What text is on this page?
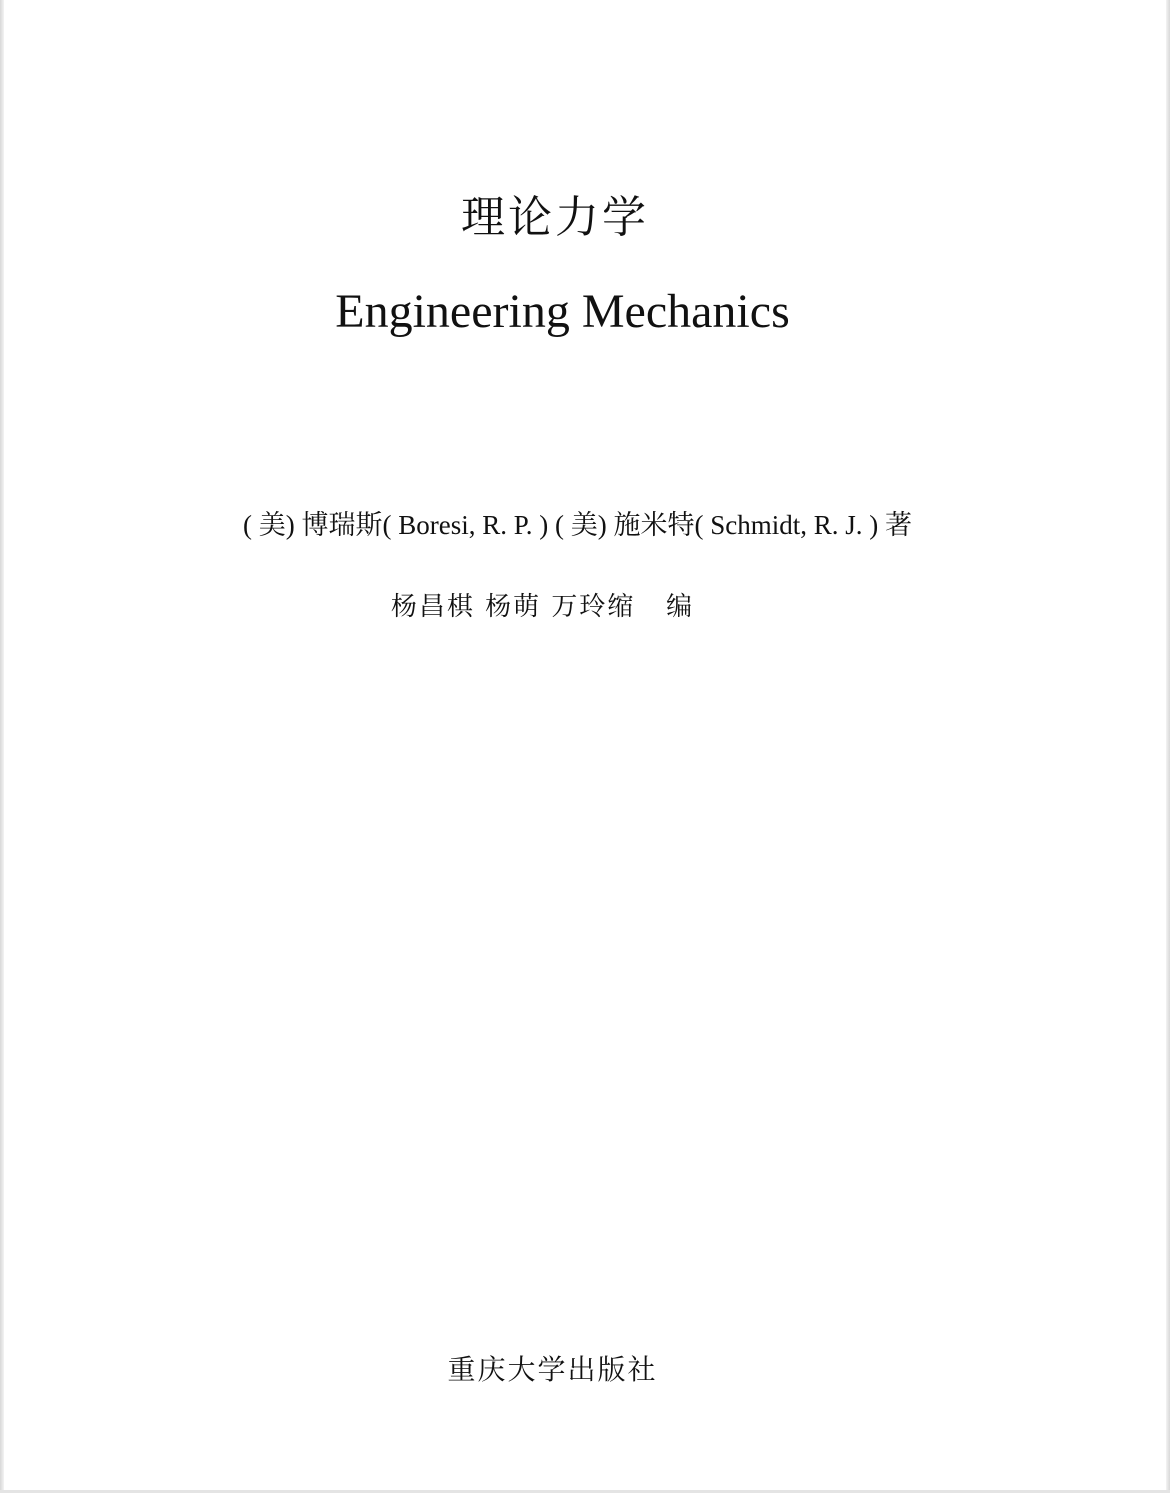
理论力学
Engineering Mechanics
( 美) 博瑞斯( Boresi, R. P. ) ( 美) 施米特( Schmidt, R. J. ) 著
杨昌棋 杨萌 万玲缩   编
重庆大学出版社
